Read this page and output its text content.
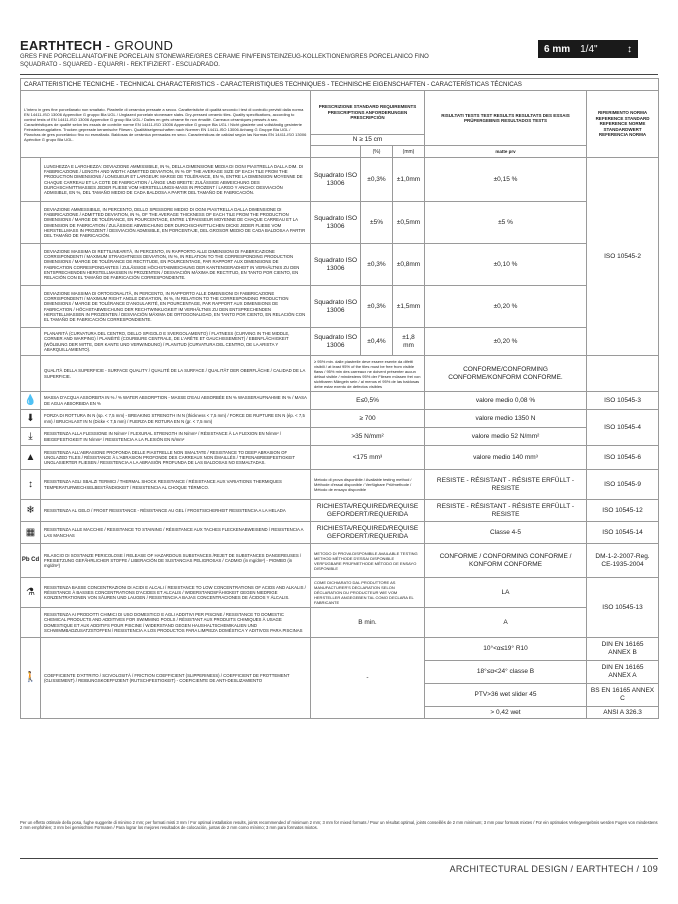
EARTHTECH - GROUND
GRES FINE PORCELLANATO/FINE PORCELAIN STONEWARE/GRES CERAME FIN/FEINSTEINZEUG-KOLLEKTIONEN/GRES PORCELANICO FINO
SQUADRATO - SQUARED - EQUARRI - REKTIFIZIERT - ESCUADRADO.
6 mm	1/4"	↕
CARATTERISTICHE TECNICHE - TECHNICAL CHARACTERISTICS - CARACTERISTIQUES TECHNIQUES - TECHNISCHE EIGENSCHAFTEN - CARACTERÍSTICAS TÉCNICAS						
L'intero in gres fine porcellanato non smaltato. Piastrelle di ceramica pressate a secco. Caratteristiche di qualità secondo i test di controllo previsti dalla norma EN 14411-ISO 13006 Appendice G gruppo Bla UGL / Unglazed porcelain stoneware slabs. Dry-pressed ceramic tiles. Quality specifications, according to control tests of EN 14411-ISO 13006 Appendice G group Bla UGL / Dalles en grès cérame fin non émaillé. Carreaux céramiques pressés à sec. Caractéristiques de qualité selon les essais de contrôle norme EN 14411-ISO 13006 Appendice G groupe Bla UGL / Nicht glasierte und vollständig gesinterte Feinsteinzeugplatten. Trocken gepresste keramische Fliesen. Qualitätseigenschaften nach Normen EN 14411-ISO 13006 Anhang G Gruppe Bla UGL / Planchas de gres porcelánico fino no esmaltado. Baldosas de cerámica prensadas en seco. Características de calidad según las Normas EN 14411-ISO 13006 Apéndice G grupo Bla UGL.		PRESCRIZIONE STANDARD REQUIREMENTS PRESCRIPTIONS ANFORDERUNGEN PRESCRIPCIÓN			RISULTATI TESTS TEST RESULTS RESULTATS DES ESSAIS PRÜFERGEBNIS RESULTADOS TESTS	RIFERIMENTO NORMA REFERENCE STANDARD REFERENCE NORME STANDARDWERT REFERENCIA NORMA
		N ≥ 15 cm				
			(%)	(mm)	matte prv	
	LUNGHEZZA E LARGHEZZA: DEVIAZIONE AMMISSIBILE, IN %, DELLA DIMENSIONE MEDIA DI OGNI PIASTRELLA DALLA DIM. DI FABBRICAZIONE / LENGTH AND WIDTH: ADMITTED DEVIATION, IN % OF THE AVERAGE SIZE OF EACH TILE FROM THE PRODUCTION DIMENSIONS / LONGUEUR ET LARGEUR: MARGE DE TOLÉRANCE, EN %, ENTRE LA DIMENSION MOYENNE DE CHAQUE CARREAU ET LA COTE DE FABRICATION / LÄNGE UND BREITE: ZULÄSSIGE ABWEICHUNG DES DURCHSCHNITTMASSES JEDER FLIESE VOM HERSTELLUNGS-MASS IN PROZENT / LARGO Y ANCHO: DESVIACIÓN ADMISIBLE, EN %, DEL TAMAÑO MEDIO DE CADA BALDOSA A PARTIR DEL TAMAÑO DE FABRICACIÓN.	Squadrato ISO 13006	±0,3%	±1,0mm	±0,15 %	ISO 10545-2
	DEVIAZIONE AMMESSIBILE, IN PERCENTO, DELLO SPESSORE MEDIO DI OGNI PIASTRELLA DALLA DIMENSIONE DI FABBRICAZIONE / ADMITTED DEVIATION, IN %, OF THE AVERAGE THICKNESS OF EACH TILE FROM THE PRODUCTION DIMENSIONS / MARGE DE TOLÉRANCE, EN POURCENTAGE, ENTRE L'ÉPAISSEUR MOYENNE DE CHAQUE CARREAU ET LA DIMENSION DE FABRICATION / ZULÄSSIGE ABWEICHUNG DER DURCHSCHNITTLICHEN DICKE JEDER FLIESE VOM HERSTELLMASS IN PROZENT / DESVIACIÓN ADMISIBLE, EN PORCENTAJE, DEL GROSOR MEDIO DE CADA BALDOSA A PARTIR DEL TAMAÑO DE FABRICACIÓN.	Squadrato ISO 13006	±5%	±0,5mm	±5 %	
	DEVIAZIONE MASSIMA DI RETTILINEARITÀ, IN PERCENTO, IN RAPPORTO ALLE DIMENSIONI DI FABBRICAZIONE CORRISPONDENTI / MAXIMUM STRAIGHTNESS DEVIATION, IN %, IN RELATION TO THE CORRESPONDING PRODUCTION DIMENSIONS / MARGE DE TOLÉRANCE DE RECTITUDE, EN POURCENTAGE, PAR RAPPORT AUX DIMENSIONS DE FABRICATION CORRESPONDANTES / ZULÄSSIGE HÖCHSTABWEICHUNG DER KANTENGERADHEIT IN VERHÄLTNIS ZU DEN ENTSPRECHENDEN HERSTELLMASSEN IN PROZENTEN / DESVIACIÓN MÁXIMA DE RECTITUD, EN TANTO POR CIENTO, EN RELACIÓN CON EL TAMAÑO DE FABRICACIÓN CORRESPONDIENTE.	Squadrato ISO 13006	±0,3%	±0,8mm	±0,10 %	
	DEVIAZIONE MASSIMA DI ORTOGONALITÀ, IN PERCENTO, IN RAPPORTO ALLE DIMENSIONI DI FABBRICAZIONE CORRISPONDENTI / MAXIMUM RIGHT ANGLE DEVIATION, IN %, IN RELATION TO THE CORRESPONDING PRODUCTION DIMENSIONS / MARGE DE TOLÉRANCE D'ANGULARITÉ, EN POURCENTAGE, PAR RAPPORT AUX DIMENSIONS DE FABRICATION / HÖCHSTABWEICHUNG DER RECHTWINKLIGKEIT IM VERHÄLTNIS ZU DEN ENTSPRECHENDEN HERSTELLMASSEN IN PROZENTEN / DESVIACIÓN MÁXIMA DE ORTOGONALIDAD, EN TANTO POR CIENTO, EN RELACIÓN CON EL TAMAÑO DE FABRICACIÓN CORRESPONDIENTE.	Squadrato ISO 13006	±0,3%	±1,5mm	±0,20 %	
	PLANARITÀ (CURVATURA DEL CENTRO, DELLO SPIGOLO E SVERGOLAMENTO) / FLATNESS (CURVING IN THE MIDDLE, CORNER AND WARPING) / PLANÉITÉ (COURBURE CENTRALE, DE L'ARÊTE ET GAUCHISSEMENT) / EBENFLÄCHIGKEIT (WÖLBUNG DER MITTE, DER KANTE UND VERWINDUNG) / PLANITUD (CURVATURA DEL CENTRO, DE LA ARISTA Y ABARQUILLAMIENTO).	Squadrato ISO 13006	±0,4%	±1,8 mm	±0,20 %	
	QUALITÀ DELLA SUPERFICIE - SURFACE QUALITY / QUALITÉ DE LA SURFACE / QUALITÄT DER OBERFLÄCHE / CALIDAD DE LA SUPERFICIE.	≥ 95% min. dalle piastrelle deve essere esente da difetti visibili / at least 95% of the tiles must be free from visible flaws / 95% min des carreaux ne doivent présenter aucun défaut visible / mindestens 95% der Fliesen müssen frei von sichtbaren Mängeln sein / al menos el 95% de las baldosas debe estar exento de defectos visibles			CONFORME/CONFORMING CONFORME/KONFORM CONFORME.	
💧	MASSA D'ACQUA ASSORBITA IN % / % WATER ABSORPTION - MASSE D'EAU ABSORBÉE EN % WASSERAUFNAHME IN % / MASA DE AGUA ABSORBIDA EN %	E≤0,5%			valore medio 0,08 %	ISO 10545-3
⬇	FORZA DI ROTTURA IN N (sp. < 7,5 mm) - BREAKING STRENGTH IN N (thickness < 7,5 mm) / FORCE DE RUPTURE EN N (ép. < 7,5 mm) / BRUCHLAST IN N (Dicke < 7,5 mm) / FUERZA DE ROTURA EN N (gr. < 7,5 mm)	≥ 700			valore medio 1350 N	ISO 10545-4
⤓	RESISTENZA ALLA FLESSIONE IN N/mm² / FLEXURAL STRENGTH IN N/mm² / RÉSISTANCE À LA FLEXION EN N/mm² / BIEGEFESTIGKEIT IN N/mm² / RESISTENCIA A LA FLEXIÓN EN N/mm²	>35 N/mm²			valore medio 52 N/mm²	
▲	RESISTENZA ALL'ABRASIONE PROFONDA DELLE PIASTRELLE NON SMALTATE / RESISTANCE TO DEEP ABRASION OF UNGLAZED TILES / RÉSISTANCE À L'ABRASION PROFONDE DES CARREAUX NON ÉMAILLÉS / TIEFENABRIEBFESTIGKEIT UNGLASIERTER FLIESEN / RESISTENCIA A LA ABRASIÓN PROFUNDA DE LAS BALDOSAS NO ESMALTADAS.	<175 mm³			valore medio 140 mm³	ISO 10545-6
↕	RESISTENZA AGLI SBALZI TERMICI / THERMAL SHOCK RESISTANCE / RÉSISTANCE AUX VARIATIONS THERMIQUES TEMPERATURWECHSELBESTÄNDIGKEIT / RESISTENCIA AL CHOQUE TÉRMICO.	Metodo di prova disponibile / Available testing method / Méthode d'essai disponible / Verfügbare Prüfmethode / Método de ensayo disponible			RESISTE - RÉSISTANT - RÉSISTE ERFÜLLT - RESISTE	ISO 10545-9
❄	RESISTENZA AL GELO / FROST RESISTANCE - RÉSISTANCE AU GEL / FROSTSICHERHEIT RESISTENCIA A LA HELADA	RICHIESTA/REQUIRED/REQUISE GEFORDERT/REQUERIDA			RESISTE - RÉSISTANT - RÉSISTE ERFÜLLT - RESISTE	ISO 10545-12
▦	RESISTENZA ALLE MACCHIE / RESISTANCE TO STAINING / RÉSISTANCE AUX TACHES FLECKENABWEISEND / RESISTENCIA A LAS MANCHAS	RICHIESTA/REQUIRED/REQUISE GEFORDERT/REQUERIDA			Classe 4-5	ISO 10545-14
Pb Cd	RILASCIO DI SOSTANZE PERICOLOSE / RELEASE OF HAZARDOUS SUBSTANCES /REJET DE SUBSTANCES DANGEREUSES / FREISETZUNG GEFÄHRLICHER STOFFE / LIBERACIÓN DE SUSTANCIAS PELIGROSAS / CADMIO (in mg/dm²) - PIOMBO (in mg/dm²)	METODO DI PROVA DISPONIBILE AVAILABLE TESTING METHOD MÉTHODE D'ESSAI DISPONIBLE VERFÜGBARE PRÜFMETHODE MÉTODO DE ENSAYO DISPONIBLE			CONFORME / CONFORMING CONFORME / KONFORM CONFORME	DM-1-2-2007-Reg. CE-1935-2004
⚗	RESISTENZA BASSE CONCENTRAZIONI DI ACIDI E ALCALI / RESISTANCE TO LOW CONCENTRATIONS OF ACIDS AND ALKALIS / RÉSISTANCE À BASSES CONCENTRATIONS D'ACIDES ET ALCALIS / WIDERSTANDSFÄHIGKEIT GEGEN NIEDRIGE KONZENTRATIONEN VON SÄUREN UND LAUGEN / RESISTENCIA A BAJAS CONCENTRACIONES DE ÁCIDOS Y ÁLCALIS.	COME DICHIARATO DAL PRODUTTORE AS MANUFACTURER'S DECLARATION SELON DÉCLARATION DU PRODUCTEUR WIE VOM HERSTELLER ANGEGEBEN TAL COMO DECLARA EL FABRICANTE			LA	ISO 10545-13
	RESISTENZA AI PRODOTTI CHIMICI DI USO DOMESTICO E AGLI ADDITIVI PER PISCINE / RESISTANCE TO DOMESTIC CHEMICAL PRODUCTS AND ADDITIVES FOR SWIMMING POOLS / RÉSISTANT AUX PRODUITS CHIMIQUES À USAGE DOMESTIQUE ET AUX ADDITIFS POUR PISCINE / WIDERSTAND GEGEN HAUSHALTSCHEMIKALIEN UND SCHWIMMBADZUSATZSTOFFEN / RESISTENCIA A LOS PRODUCTOS PARA LIMPIEZA DOMÉSTICA Y ADITIVOS PARA PISCINAS	B min.			A	
🚶	COEFFICIENTE D'ATTRITO / SCIVOLOSITÀ / FRICTION COEFFICIENT (SLIPPERINESS) / COEFFICIENT DE FROTTEMENT (GLISSEMENT) / REIBUNGSKOEFFIZIENT (RUTSCHFESTIGKEIT) - COEFICIENTE DE ANTI-DESLIZAMIENTO	-			10°<α≤19° R10	DIN EN 16165 ANNEX B
					18°≤α<24° classe B	DIN EN 16165 ANNEX A
					PTV>36 wet slider 45	BS EN 16165 ANNEX C
					> 0,42 wet	ANSI A 326.3
Per un effetto ottimale della posa, fughe suggerite di minimo 2 mm; per formati misti 3 mm / For optimal installation results, joints recommended of minimum 2 mm; 3 mm for mixed formats / Pour un résultat optimal, joints conseillés de 2 mm minimum; 3 mm pour formats mixtes / Für ein optimales Verlegeergebnis werden Fugen von mindestens 2 mm empfohlen; 3 mm bei gemischten Formaten / Para lograr los mejores resultados de colocación, juntas de 2 mm como mínimo; 3 mm para formatos mixtos.
ARCHITECTURAL DESIGN / EARTHTECH / 109
